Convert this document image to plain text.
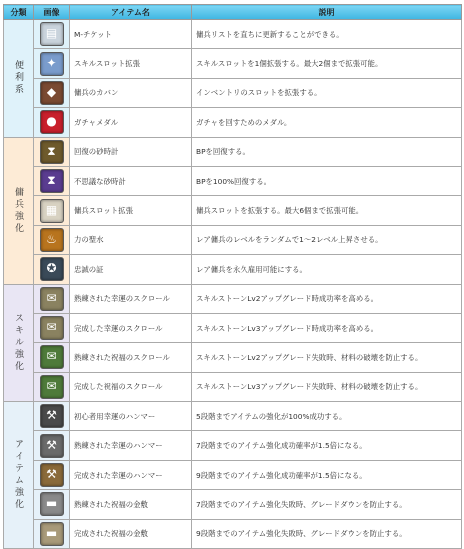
分類	画像	アイテム名	説明
便利系	▤	M-チケット	傭兵リストを直ちに更新することができる。

	✦	スキルスロット拡張	スキルスロットを1個拡張する。最大2個まで拡張可能。

	◆	傭兵のカバン	インベントリのスロットを拡張する。

	●	ガチャメダル	ガチャを回すためのメダル。
傭兵強化	⧗	回復の砂時計	BPを回復する。

	⧗	不思議な砂時計	BPを100%回復する。

	▦	傭兵スロット拡張	傭兵スロットを拡張する。最大6個まで拡張可能。

	♨	力の聖水	レア傭兵のレベルをランダムで1～2レベル上昇させる。

	✪	忠誠の証	レア傭兵を永久雇用可能にする。
スキル強化	✉	熟練された幸運のスクロール	スキルストーンLv2アップグレード時成功率を高める。

	✉	完成した幸運のスクロール	スキルストーンLv3アップグレード時成功率を高める。

	✉	熟練された祝福のスクロール	スキルストーンLv2アップグレード失敗時、材料の破壊を防止する。

	✉	完成した祝福のスクロール	スキルストーンLv3アップグレード失敗時、材料の破壊を防止する。
アイテム強化	⚒	初心者用幸運のハンマー	5段階までアイテムの強化が100%成功する。

	⚒	熟練された幸運のハンマー	7段階までのアイテム強化成功確率が1.5倍になる。

	⚒	完成された幸運のハンマー	9段階までのアイテム強化成功確率が1.5倍になる。

	▬	熟練された祝福の金敷	7段階までのアイテム強化失敗時、グレードダウンを防止する。

	▬	完成された祝福の金敷	9段階までのアイテム強化失敗時、グレードダウンを防止する。
